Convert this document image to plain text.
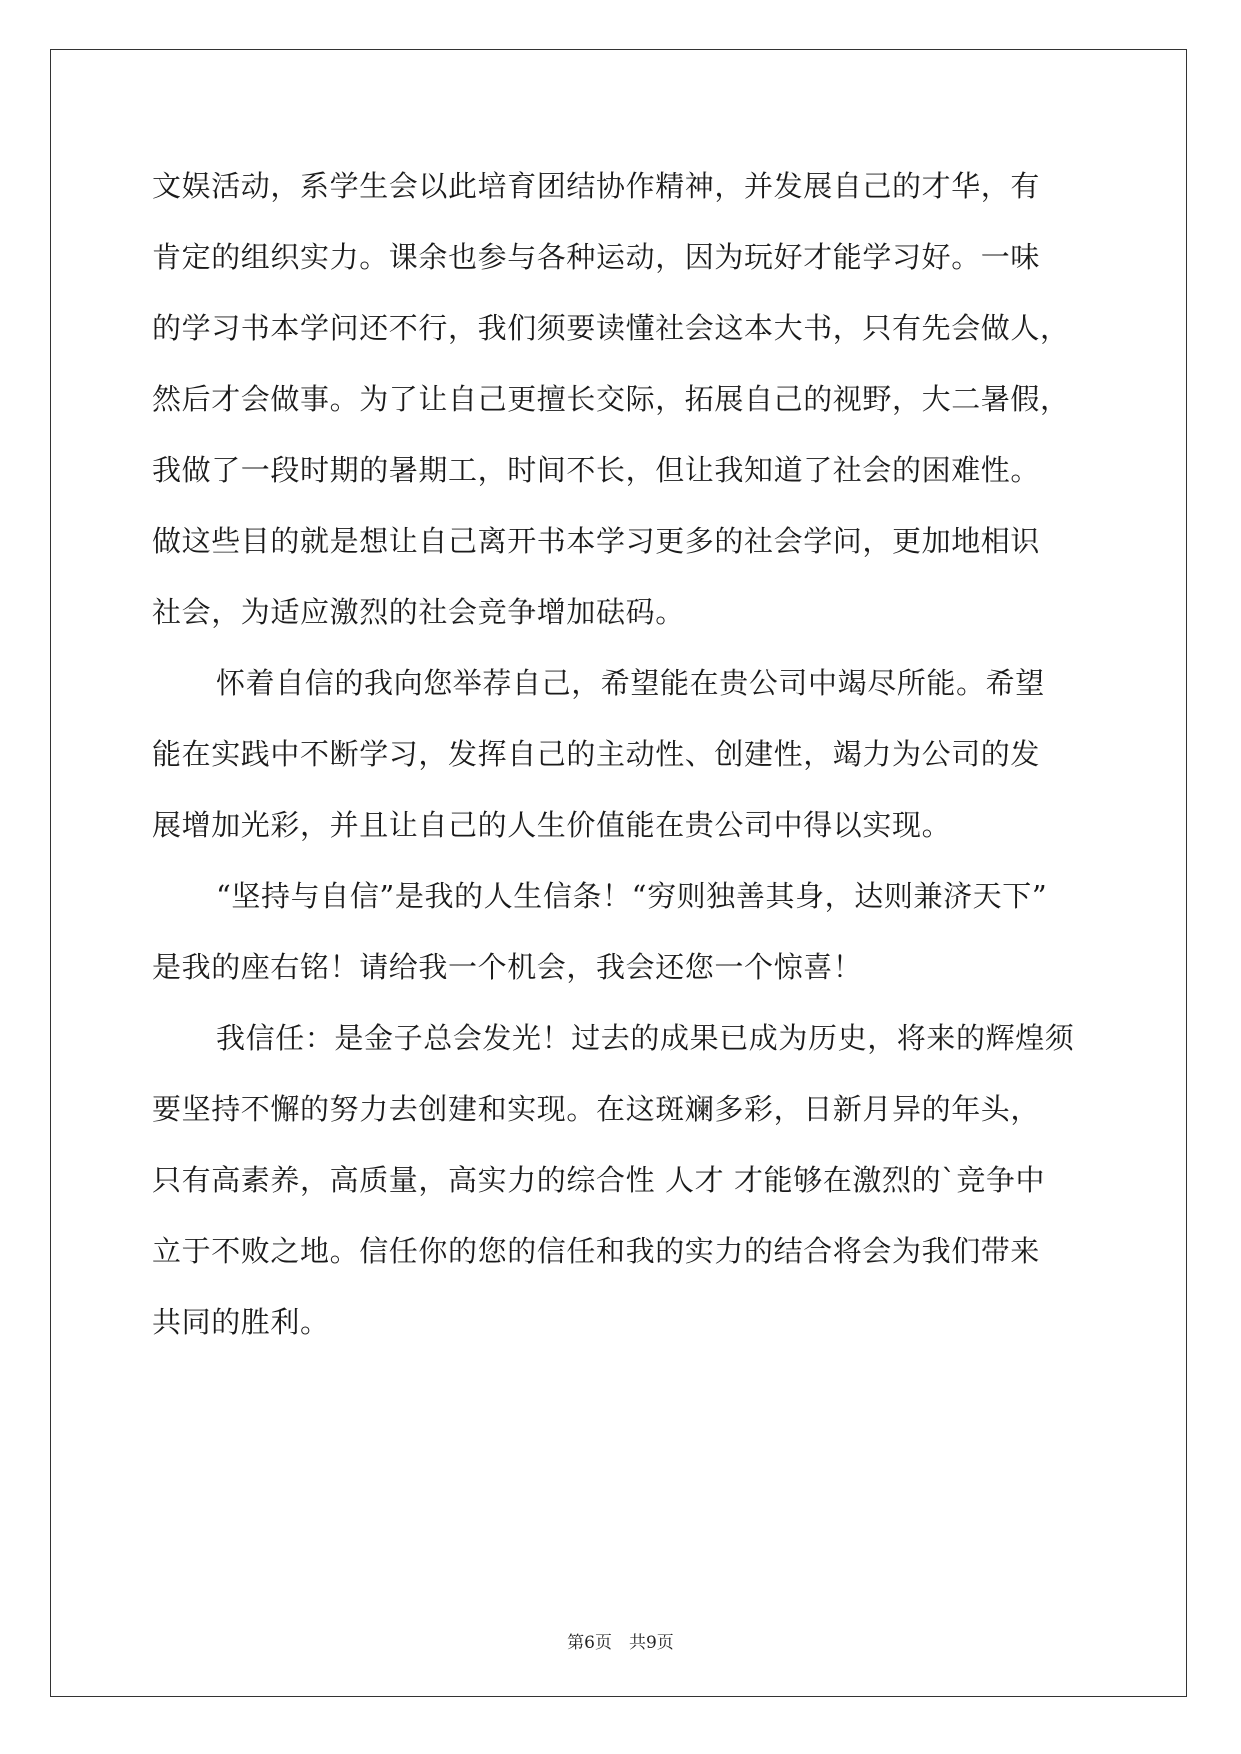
文娱活动，系学生会以此培育团结协作精神，并发展自己的才华，有
肯定的组织实力。课余也参与各种运动，因为玩好才能学习好。一味
的学习书本学问还不行，我们须要读懂社会这本大书，只有先会做人，
然后才会做事。为了让自己更擅长交际，拓展自己的视野，大二暑假，
我做了一段时期的暑期工，时间不长，但让我知道了社会的困难性。
做这些目的就是想让自己离开书本学习更多的社会学问，更加地相识
社会，为适应激烈的社会竞争增加砝码。
怀着自信的我向您举荐自己，希望能在贵公司中竭尽所能。希望
能在实践中不断学习，发挥自己的主动性、创建性，竭力为公司的发
展增加光彩，并且让自己的人生价值能在贵公司中得以实现。
“坚持与自信”是我的人生信条！“穷则独善其身，达则兼济天下”
是我的座右铭！请给我一个机会，我会还您一个惊喜！
我信任：是金子总会发光！过去的成果已成为历史，将来的辉煌须
要坚持不懈的努力去创建和实现。在这斑斓多彩，日新月异的年头，
只有高素养，高质量，高实力的综合性 人才 才能够在激烈的`竞争中
立于不败之地。信任你的您的信任和我的实力的结合将会为我们带来
共同的胜利。
第6页　共9页
